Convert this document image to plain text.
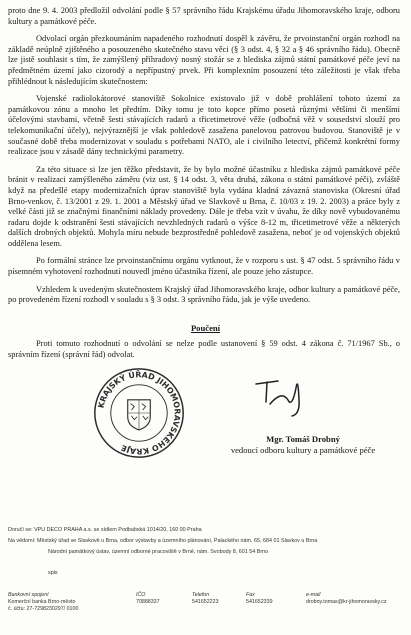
proto dne 9. 4. 2003 předložil odvolání podle § 57 správního řádu Krajskému úřadu Jihomoravského kraje, odboru kultury a památkové péče.

Odvolací orgán přezkoumáním napadeného rozhodnutí dospěl k závěru, že prvoinstanční orgán rozhodl na základě neúplně zjištěného a posouzeného skutečného stavu věci (§ 3 odst. 4, § 32 a § 46 správního řádu). Obecně lze jistě souhlasit s tím, že zamýšlený příhradový nosný stožár se z hlediska zájmů státní památkové péče jeví na předmětném území jako cizorodý a nepřípustný prvek. Při komplexním posouzení této záležitosti je však třeba přihlédnout k následujícím skutečnostem:

Vojenské radiolokátorové stanoviště Sokolnice existovalo již v době prohlášení tohoto území za památkovou zónu a mnoho let předtím. Díky tomu je toto kopce přímo posetá různými většími či menšími účelovými stavbami, včetně šesti stávajících radarů a třicetimetrové věže (odbočná věž v sousedství slouží pro telekomunikační účely), nejvýraznější je však pohledově zasažena panelovou patrovou budovou. Stanoviště je v současné době třeba modernizovat v souladu s potřebami NATO, ale i civilního letectví, přičemž konkrétní formy realizace jsou v zásadě dány technickými parametry.

Za této situace si lze jen těžko představit, že by bylo možné účastníku z hlediska zájmů památkové péče bránit v realizaci zamýšleného záměru (viz ust. § 14 odst. 3, věta druhá, zákona o státní památkové péči), zvláště když na předešlé etapy modernizačních úprav stanoviště byla vydána kladná závazná stanoviska (Okresní úřad Brno-venkov, č. 13/2001 z 29. 1. 2001 a Městský úřad ve Slavkově u Brna, č. 10/03 z 19. 2. 2003) a práce byly z velké části již se značnými finančními náklady provedeny. Dále je třeba vzít v úvahu, že díky nově vybudovanému radaru dojde k odstranění šesti stávajících nevzhledných radarů o výšce 8-12 m, třicetimetrové věže a některých dalších drobných objektů. Mohyla míru nebude bezprostředně pohledově zasažena, neboť je od vojenských objektů oddělena lesem.

Po formální stránce lze prvoinstančnímu orgánu vytknout, že v rozporu s ust. § 47 odst. 5 správního řádu v písemném vyhotovení rozhodnutí nouvedl jméno účastníka řízení, ale pouze jeho zástupce.

Vzhledem k uvedeným skutečnostem Krajský úřad Jihomoravského kraje, odbor kultury a památkové péče, po provedeném řízení rozhodl v souladu s § 3 odst. 3 správního řádu, jak je výše uvedeno.

Poučení

Proti tomuto rozhodnutí o odvolání se nelze podle ustanovení § 59 odst. 4 zákona č. 71/1967 Sb., o správním řízení (správní řád) odvolat.

KRAJSKÝ ÚŘAD JIHOMORAVSKÉHO KRAJE
Mgr. Tomáš Drobný
vedoucí odboru kultury a památkové péče
Doručí se: VPÚ DECO PRAHA a.s. se sídlem Podbabská 1014/20, 160 00 Praha
Na vědomí: Městský úřad ve Slavkově u Brna, odbor výstavby a územního plánování, Palackého nám. 65, 684 01 Slavkov u Brna
Národní památkový ústav, územní odborné pracoviště v Brně, nám. Svobody 8, 601 54 Brno
spis
Bankovní spojení
Komerční banka Brno-město
č. účtu: 27-7298230297/ 0100
IČO
70888337
Telefon
541652223
Fax
541652339
e-mail
drobny.tomas@kr-jihomoravsky.cz
